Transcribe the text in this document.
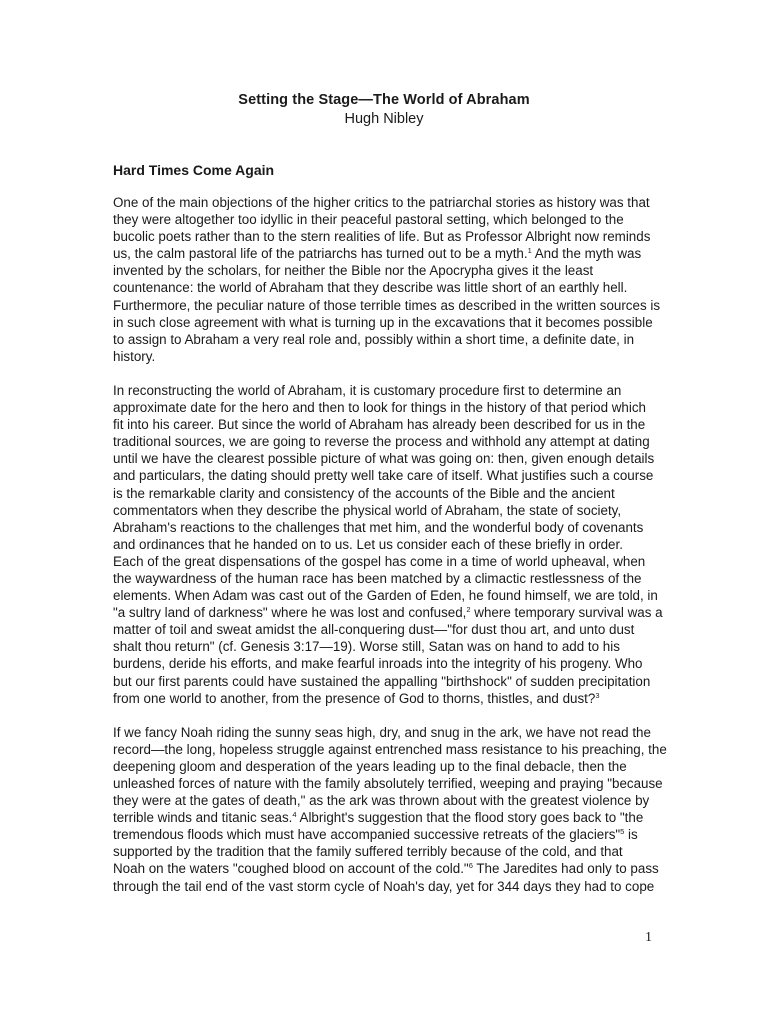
Setting the Stage—The World of Abraham
Hugh Nibley
Hard Times Come Again
One of the main objections of the higher critics to the patriarchal stories as history was that
they were altogether too idyllic in their peaceful pastoral setting, which belonged to the
bucolic poets rather than to the stern realities of life. But as Professor Albright now reminds
us, the calm pastoral life of the patriarchs has turned out to be a myth.$^1$ And the myth was
invented by the scholars, for neither the Bible nor the Apocrypha gives it the least
countenance: the world of Abraham that they describe was little short of an earthly hell.
Furthermore, the peculiar nature of those terrible times as described in the written sources is
in such close agreement with what is turning up in the excavations that it becomes possible
to assign to Abraham a very real role and, possibly within a short time, a definite date, in
history.
In reconstructing the world of Abraham, it is customary procedure first to determine an
approximate date for the hero and then to look for things in the history of that period which
fit into his career. But since the world of Abraham has already been described for us in the
traditional sources, we are going to reverse the process and withhold any attempt at dating
until we have the clearest possible picture of what was going on: then, given enough details
and particulars, the dating should pretty well take care of itself. What justifies such a course
is the remarkable clarity and consistency of the accounts of the Bible and the ancient
commentators when they describe the physical world of Abraham, the state of society,
Abraham's reactions to the challenges that met him, and the wonderful body of covenants
and ordinances that he handed on to us. Let us consider each of these briefly in order.
Each of the great dispensations of the gospel has come in a time of world upheaval, when
the waywardness of the human race has been matched by a climactic restlessness of the
elements. When Adam was cast out of the Garden of Eden, he found himself, we are told, in
"a sultry land of darkness" where he was lost and confused,$^2$ where temporary survival was a
matter of toil and sweat amidst the all-conquering dust—"for dust thou art, and unto dust
shalt thou return" (cf. Genesis 3:17—19). Worse still, Satan was on hand to add to his
burdens, deride his efforts, and make fearful inroads into the integrity of his progeny. Who
but our first parents could have sustained the appalling "birthshock" of sudden precipitation
from one world to another, from the presence of God to thorns, thistles, and dust?$^3$
If we fancy Noah riding the sunny seas high, dry, and snug in the ark, we have not read the
record—the long, hopeless struggle against entrenched mass resistance to his preaching, the
deepening gloom and desperation of the years leading up to the final debacle, then the
unleashed forces of nature with the family absolutely terrified, weeping and praying "because
they were at the gates of death," as the ark was thrown about with the greatest violence by
terrible winds and titanic seas.$^4$ Albright's suggestion that the flood story goes back to "the
tremendous floods which must have accompanied successive retreats of the glaciers"$^5$ is
supported by the tradition that the family suffered terribly because of the cold, and that
Noah on the waters "coughed blood on account of the cold."$^6$ The Jaredites had only to pass
through the tail end of the vast storm cycle of Noah's day, yet for 344 days they had to cope
1
